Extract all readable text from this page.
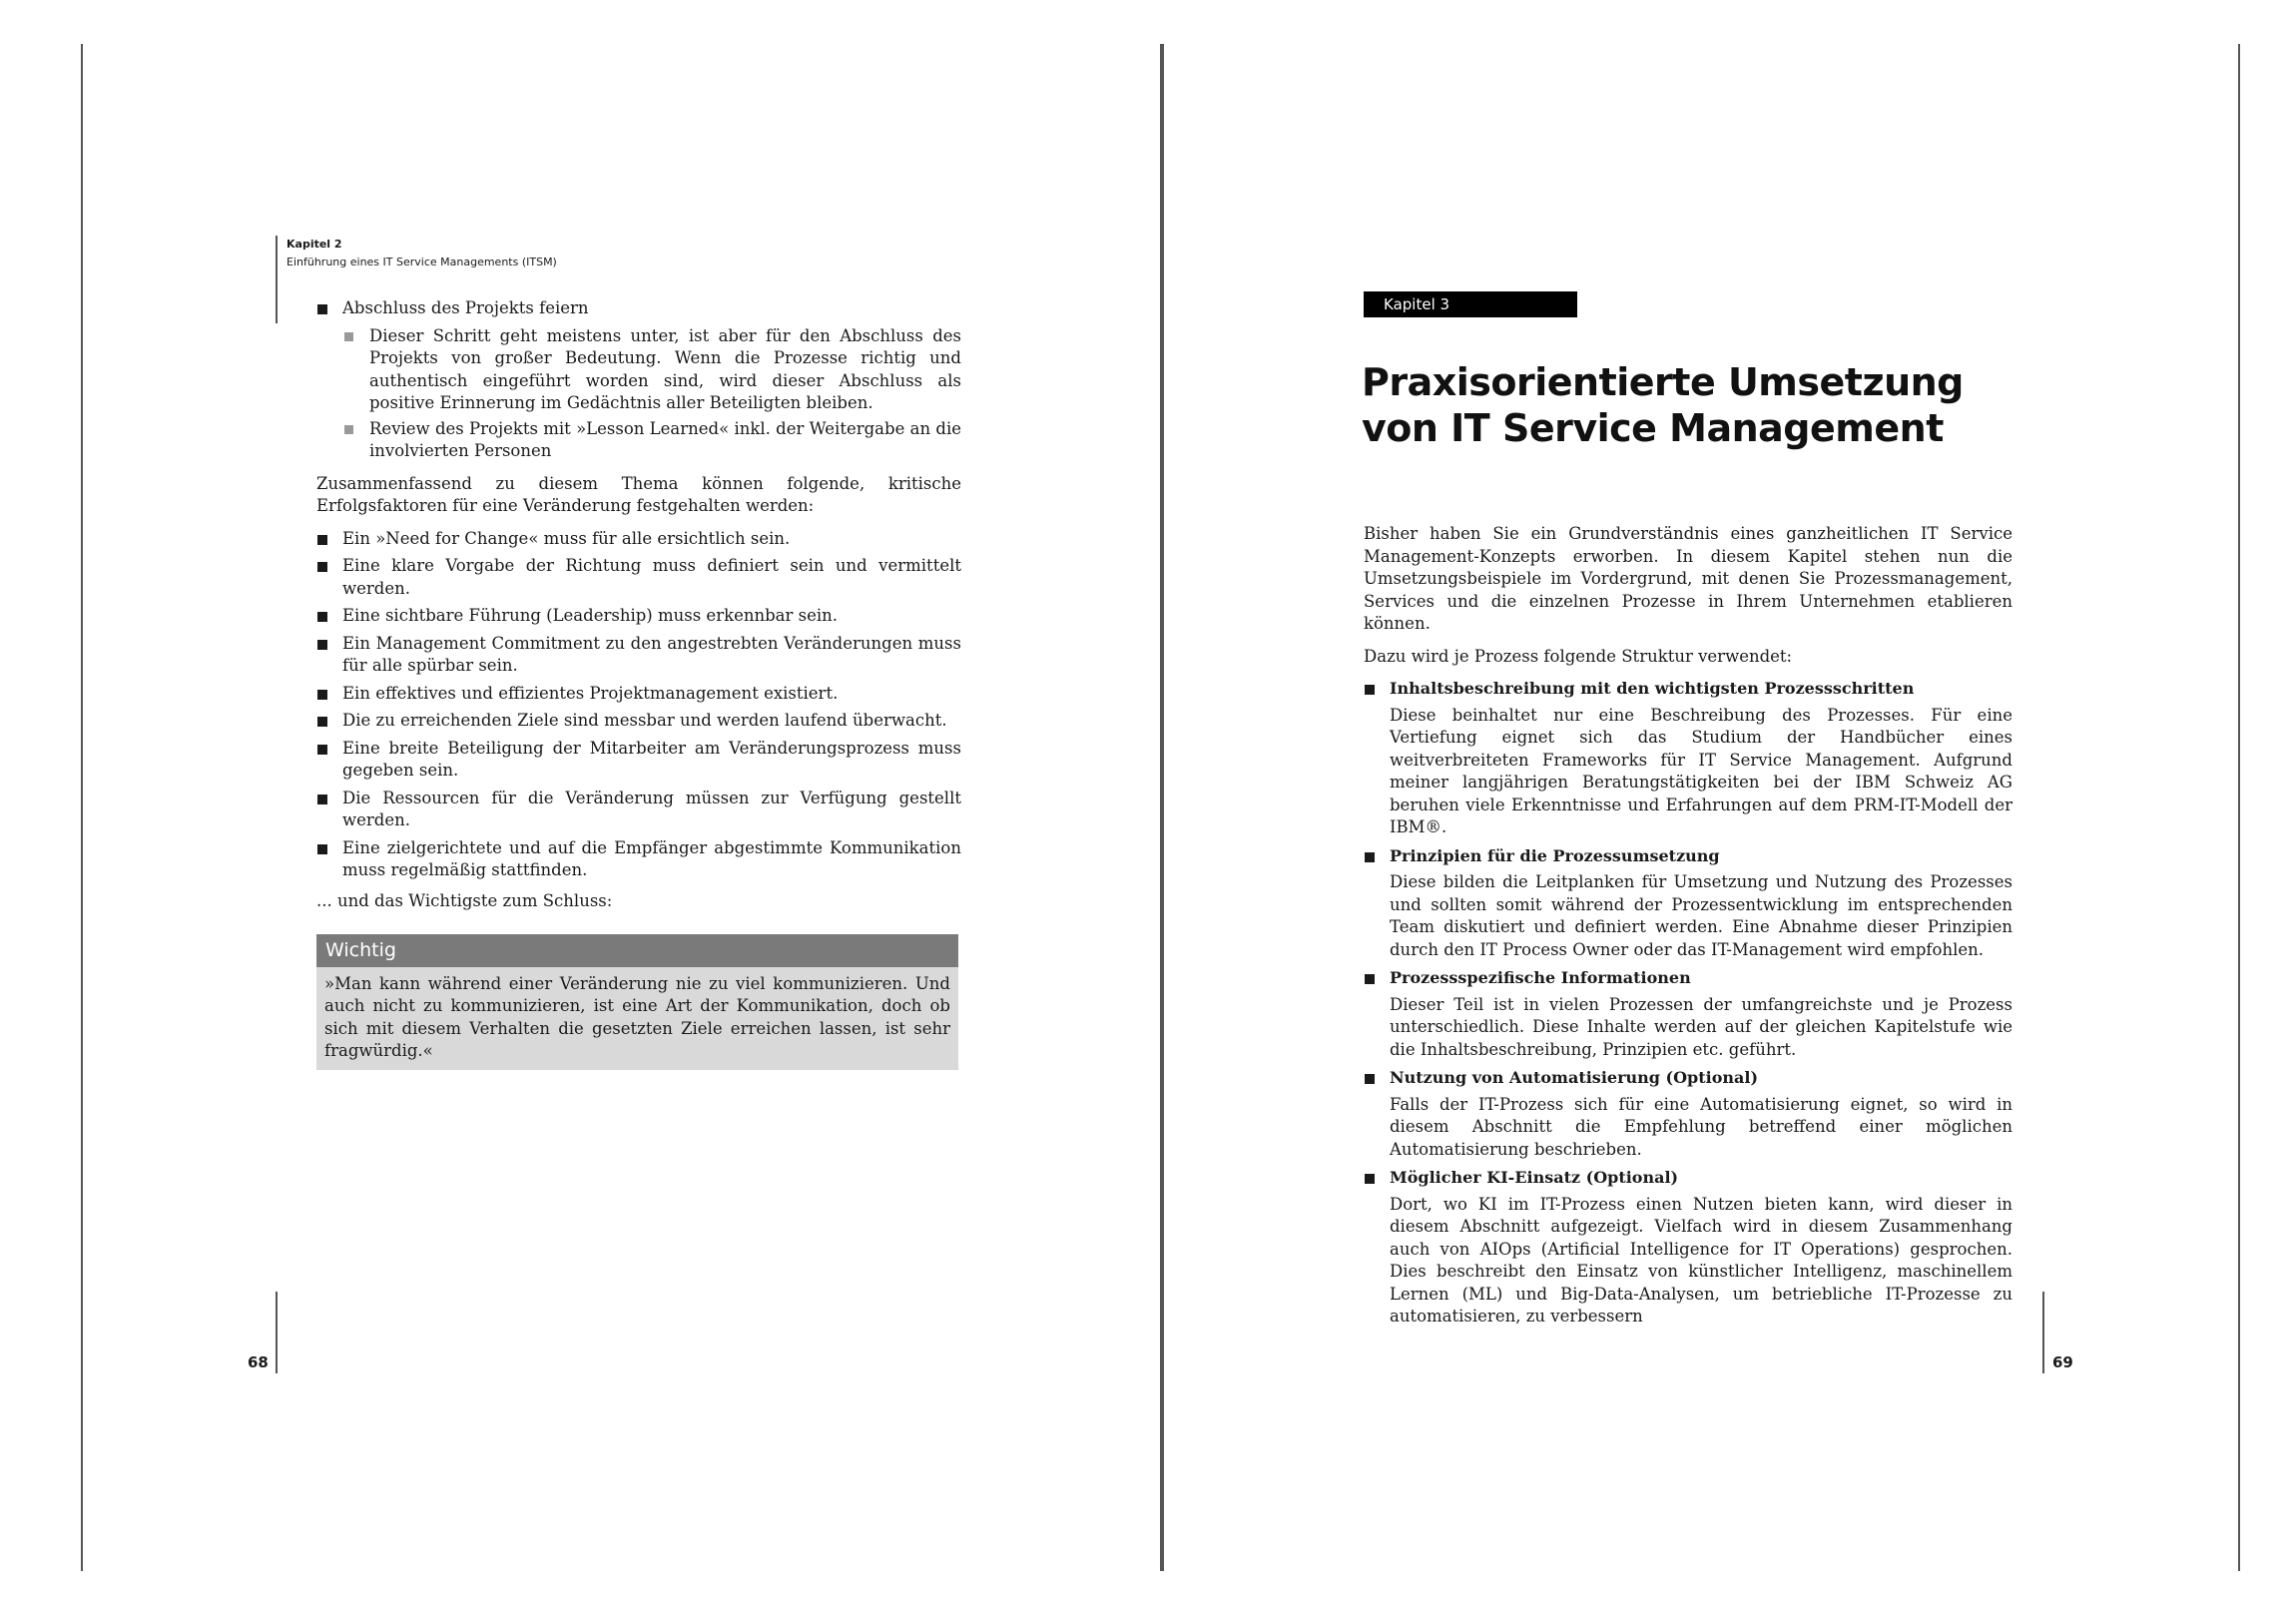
Kapitel 2
Einführung eines IT Service Managements (ITSM)
Abschluss des Projekts feiern
Dieser Schritt geht meistens unter, ist aber für den Abschluss des Projekts von großer Bedeutung. Wenn die Prozesse richtig und authentisch eingeführt worden sind, wird dieser Abschluss als positive Erinnerung im Gedächtnis aller Beteiligten bleiben.
Review des Projekts mit »Lesson Learned« inkl. der Weitergabe an die involvierten Personen

Zusammenfassend zu diesem Thema können folgende, kritische Erfolgsfaktoren für eine Veränderung festgehalten werden:

Ein »Need for Change« muss für alle ersichtlich sein.
Eine klare Vorgabe der Richtung muss definiert sein und vermittelt werden.
Eine sichtbare Führung (Leadership) muss erkennbar sein.
Ein Management Commitment zu den angestrebten Veränderungen muss für alle spürbar sein.
Ein effektives und effizientes Projektmanagement existiert.
Die zu erreichenden Ziele sind messbar und werden laufend überwacht.
Eine breite Beteiligung der Mitarbeiter am Veränderungsprozess muss gegeben sein.
Die Ressourcen für die Veränderung müssen zur Verfügung gestellt werden.
Eine zielgerichtete und auf die Empfänger abgestimmte Kommunikation muss regelmäßig stattfinden.

... und das Wichtigste zum Schluss:

Wichtig
»Man kann während einer Veränderung nie zu viel kommunizieren. Und auch nicht zu kommunizieren, ist eine Art der Kommunikation, doch ob sich mit diesem Verhalten die gesetzten Ziele erreichen lassen, ist sehr fragwürdig.«
68
Kapitel 3
Praxisorientierte Umsetzung
von IT Service Management

Bisher haben Sie ein Grundverständnis eines ganzheitlichen IT Service Management-Konzepts erworben. In diesem Kapitel stehen nun die Umsetzungsbeispiele im Vordergrund, mit denen Sie Prozessmanagement, Services und die einzelnen Prozesse in Ihrem Unternehmen etablieren können.

Dazu wird je Prozess folgende Struktur verwendet:

Inhaltsbeschreibung mit den wichtigsten Prozessschritten

Diese beinhaltet nur eine Beschreibung des Prozesses. Für eine Vertiefung eignet sich das Studium der Handbücher eines weitverbreiteten Frameworks für IT Service Management. Aufgrund meiner langjährigen Beratungstätigkeiten bei der IBM Schweiz AG beruhen viele Erkenntnisse und Erfahrungen auf dem PRM-IT-Modell der IBM®.

Prinzipien für die Prozessumsetzung

Diese bilden die Leitplanken für Umsetzung und Nutzung des Prozesses und sollten somit während der Prozessentwicklung im entsprechenden Team diskutiert und definiert werden. Eine Abnahme dieser Prinzipien durch den IT Process Owner oder das IT-Management wird empfohlen.

Prozessspezifische Informationen

Dieser Teil ist in vielen Prozessen der umfangreichste und je Prozess unterschiedlich. Diese Inhalte werden auf der gleichen Kapitelstufe wie die Inhaltsbeschreibung, Prinzipien etc. geführt.

Nutzung von Automatisierung (Optional)

Falls der IT-Prozess sich für eine Automatisierung eignet, so wird in diesem Abschnitt die Empfehlung betreffend einer möglichen Automatisierung beschrieben.

Möglicher KI-Einsatz (Optional)

Dort, wo KI im IT-Prozess einen Nutzen bieten kann, wird dieser in diesem Abschnitt aufgezeigt. Vielfach wird in diesem Zusammenhang auch von AIOps (Artificial Intelligence for IT Operations) gesprochen. Dies beschreibt den Einsatz von künstlicher Intelligenz, maschinellem Lernen (ML) und Big-Data-Analysen, um betriebliche IT-Prozesse zu automatisieren, zu verbessern

69
